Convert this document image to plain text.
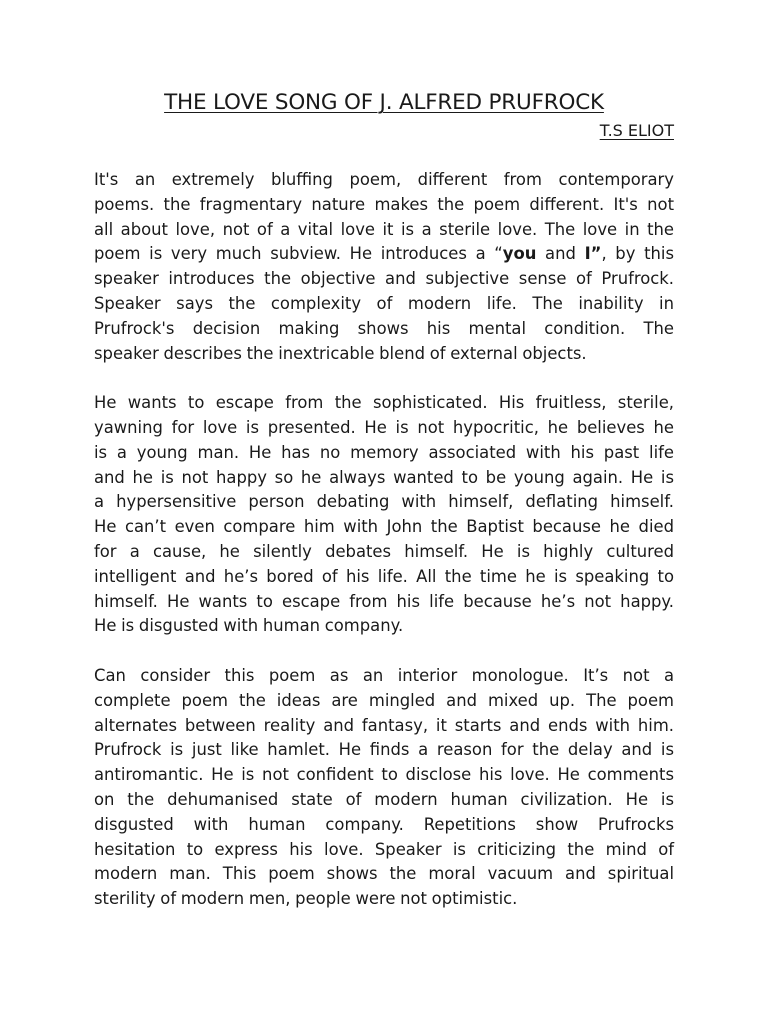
THE LOVE SONG OF J. ALFRED PRUFROCK
T.S ELIOT
It's an extremely bluffing poem, different from contemporary
poems. the fragmentary nature makes the poem different. It's not
all about love, not of a vital love it is a sterile love. The love in the
poem is very much subview. He introduces a “you and I”, by this
speaker introduces the objective and subjective sense of Prufrock.
Speaker says the complexity of modern life. The inability in
Prufrock's decision making shows his mental condition. The
speaker describes the inextricable blend of external objects.
He wants to escape from the sophisticated. His fruitless, sterile,
yawning for love is presented. He is not hypocritic, he believes he
is a young man. He has no memory associated with his past life
and he is not happy so he always wanted to be young again. He is
a hypersensitive person debating with himself, deflating himself.
He can’t even compare him with John the Baptist because he died
for a cause, he silently debates himself. He is highly cultured
intelligent and he’s bored of his life. All the time he is speaking to
himself. He wants to escape from his life because he’s not happy.
He is disgusted with human company.
Can consider this poem as an interior monologue. It’s not a
complete poem the ideas are mingled and mixed up. The poem
alternates between reality and fantasy, it starts and ends with him.
Prufrock is just like hamlet. He finds a reason for the delay and is
antiromantic. He is not confident to disclose his love. He comments
on the dehumanised state of modern human civilization. He is
disgusted with human company. Repetitions show Prufrocks
hesitation to express his love. Speaker is criticizing the mind of
modern man. This poem shows the moral vacuum and spiritual
sterility of modern men, people were not optimistic.
